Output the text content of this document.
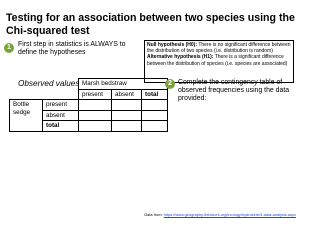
Testing for an association between two species using the Chi-squared test
1	First step in statistics is ALWAYS to define the hypotheses
Null hypothesis (H0): There is no significant difference between the distribution of two species (i.e. distribution is random)
Alternative hypothesis (H1): There is a significant difference between the distribution of species (i.e. species are associated)
Observed values
		Marsh bedstraw		
		present	absent	total
Bottle sedge	present			
	absent			
	total			
2 Complete the contingency table of observed frequencies using the data provided:
Data from: https://www.geography-fieldwork.org/ecology/hydrosere/4-data-analysis.aspx
